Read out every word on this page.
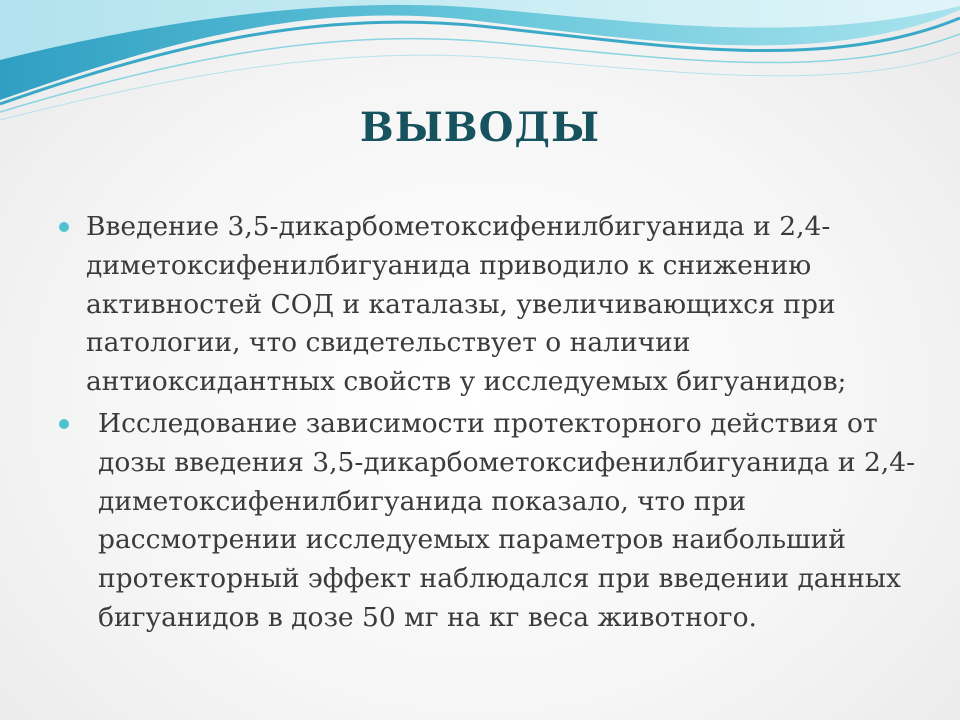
ВЫВОДЫ
Введение 3,5-дикарбометоксифенилбигуанида и 2,4-диметоксифенилбигуанида приводило к снижению активностей СОД и каталазы, увеличивающихся при патологии, что свидетельствует о наличии антиоксидантных свойств у исследуемых бигуанидов;
Исследование зависимости протекторного действия от дозы введения 3,5-дикарбометоксифенилбигуанида и 2,4-диметоксифенилбигуанида показало, что при рассмотрении исследуемых параметров наибольший протекторный эффект наблюдался при введении данных бигуанидов в дозе 50 мг на кг веса животного.
